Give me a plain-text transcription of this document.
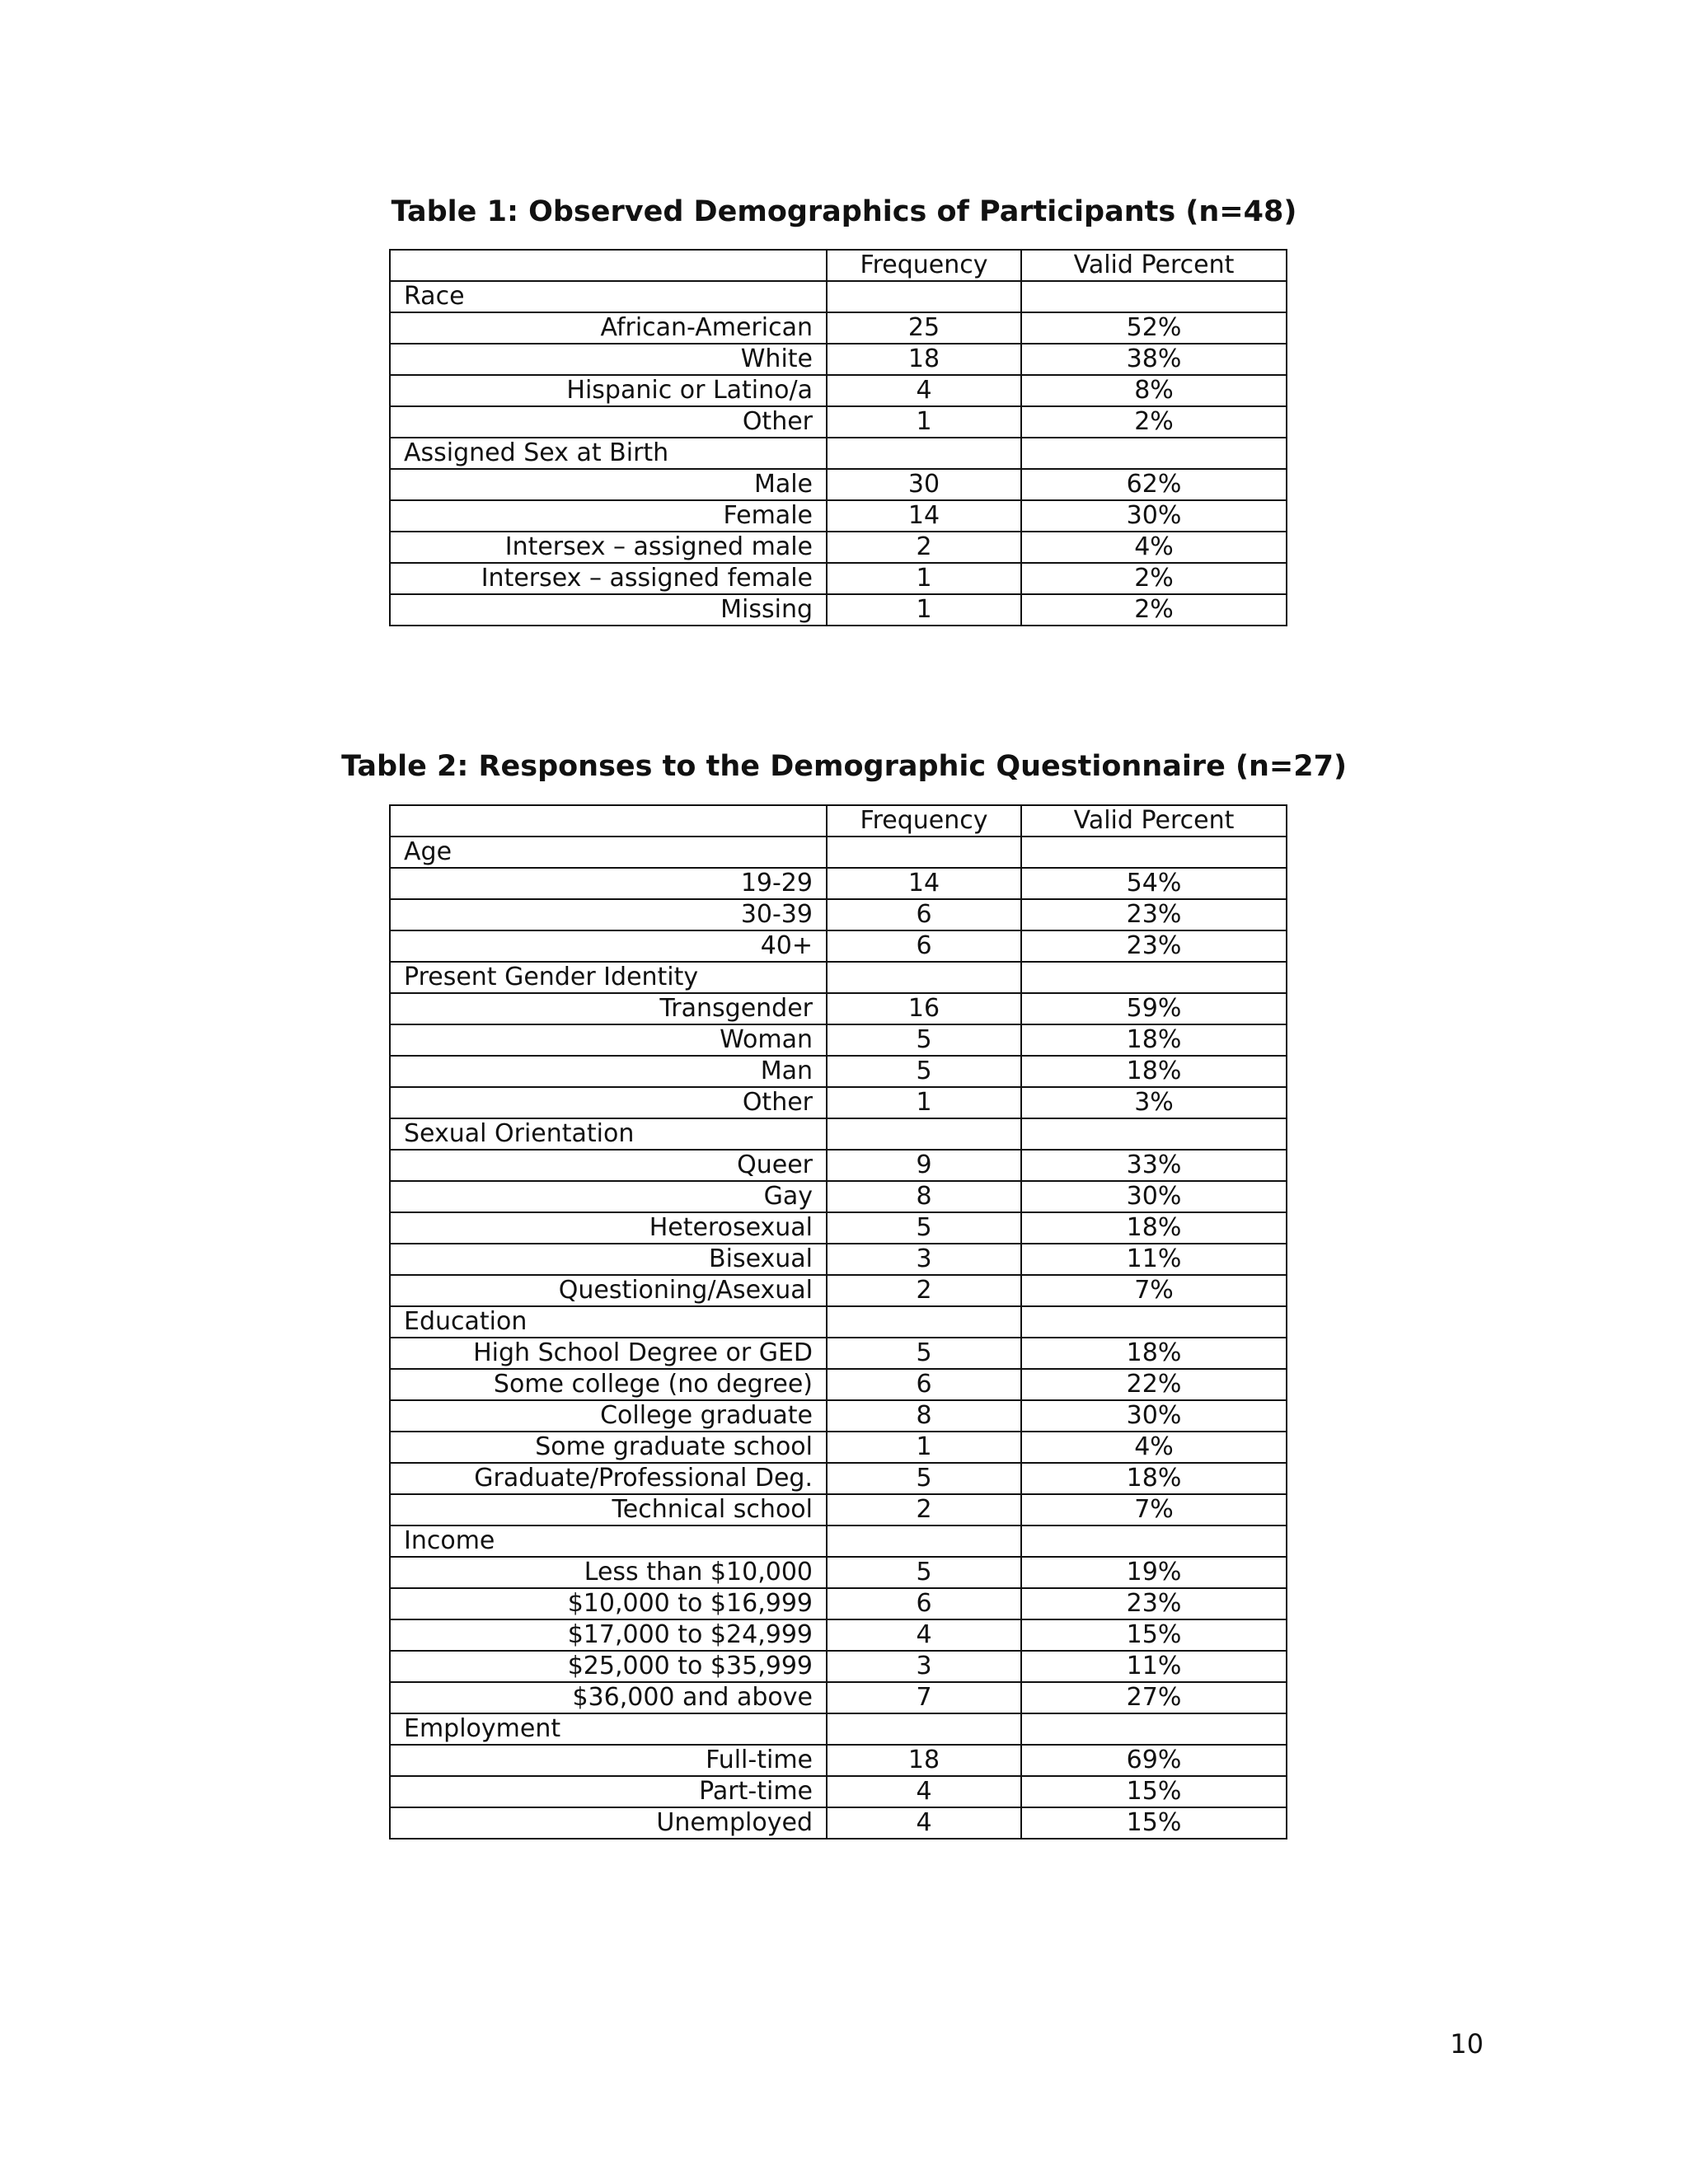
Table 1: Observed Demographics of Participants (n=48)
	Frequency	Valid Percent
Race		
African-American	25	52%
White	18	38%
Hispanic or Latino/a	4	8%
Other	1	2%
Assigned Sex at Birth		
Male	30	62%
Female	14	30%
Intersex – assigned male	2	4%
Intersex – assigned female	1	2%
Missing	1	2%
Table 2: Responses to the Demographic Questionnaire (n=27)
	Frequency	Valid Percent
Age		
19-29	14	54%
30-39	6	23%
40+	6	23%
Present Gender Identity		
Transgender	16	59%
Woman	5	18%
Man	5	18%
Other	1	3%
Sexual Orientation		
Queer	9	33%
Gay	8	30%
Heterosexual	5	18%
Bisexual	3	11%
Questioning/Asexual	2	7%
Education		
High School Degree or GED	5	18%
Some college (no degree)	6	22%
College graduate	8	30%
Some graduate school	1	4%
Graduate/Professional Deg.	5	18%
Technical school	2	7%
Income		
Less than $10,000	5	19%
$10,000 to $16,999	6	23%
$17,000 to $24,999	4	15%
$25,000 to $35,999	3	11%
$36,000 and above	7	27%
Employment		
Full-time	18	69%
Part-time	4	15%
Unemployed	4	15%
10
